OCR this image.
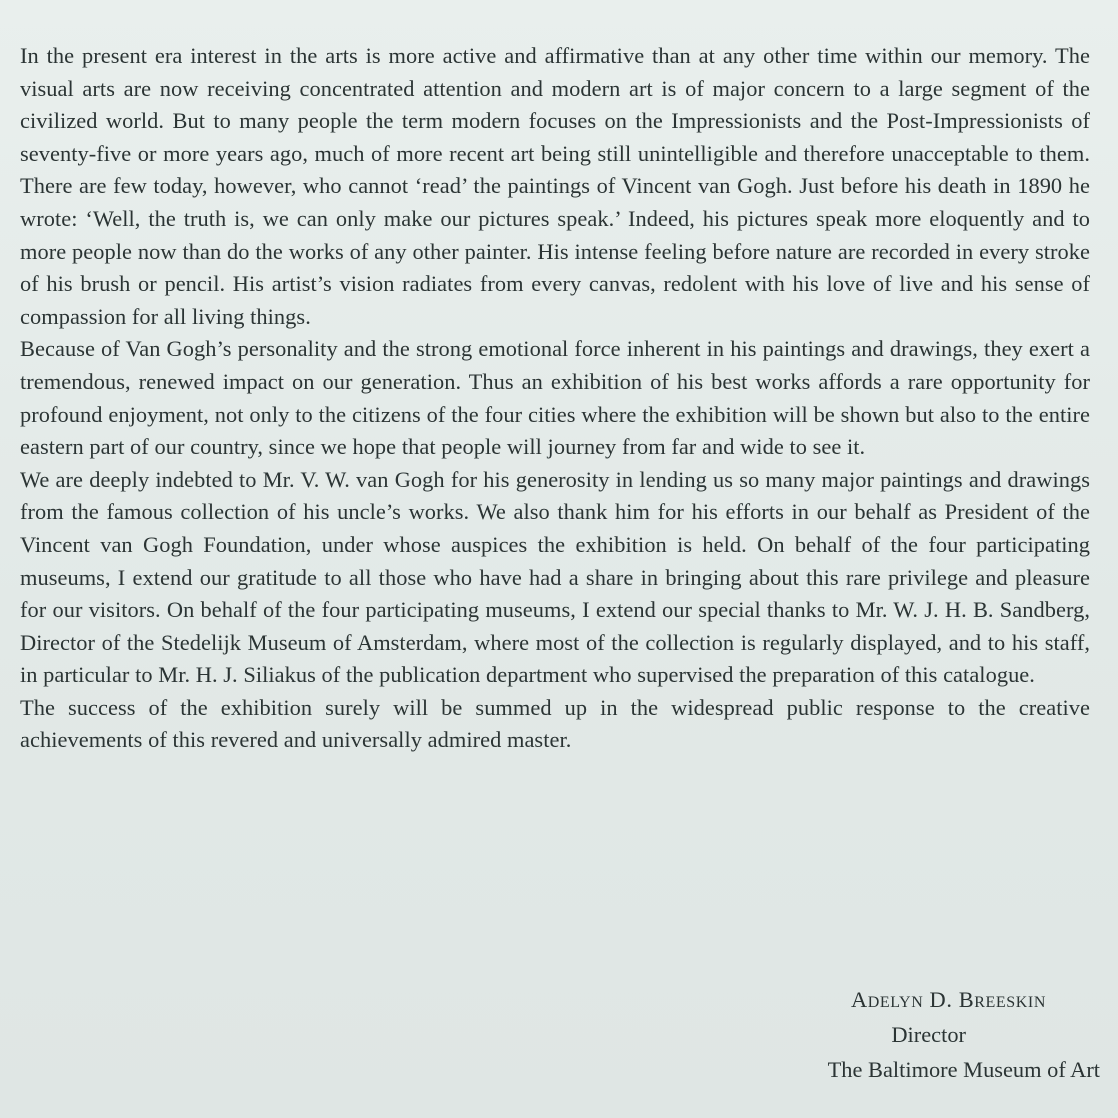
In the present era interest in the arts is more active and affirmative than at any other time within our memory. The visual arts are now receiving concentrated attention and modern art is of major concern to a large segment of the civilized world. But to many people the term modern focuses on the Impressionists and the Post-Impressionists of seventy-five or more years ago, much of more recent art being still unintelligible and therefore unacceptable to them. There are few today, however, who cannot ‘read’ the paintings of Vincent van Gogh. Just before his death in 1890 he wrote: ‘Well, the truth is, we can only make our pictures speak.’ Indeed, his pictures speak more eloquently and to more people now than do the works of any other painter. His intense feeling before nature are recorded in every stroke of his brush or pencil. His artist’s vision radiates from every canvas, redolent with his love of live and his sense of compassion for all living things.

Because of Van Gogh’s personality and the strong emotional force inherent in his paintings and drawings, they exert a tremendous, renewed impact on our generation. Thus an exhibition of his best works affords a rare opportunity for profound enjoyment, not only to the citizens of the four cities where the exhibition will be shown but also to the entire eastern part of our country, since we hope that people will journey from far and wide to see it.

We are deeply indebted to Mr. V. W. van Gogh for his generosity in lending us so many major paintings and drawings from the famous collection of his uncle’s works. We also thank him for his efforts in our behalf as President of the Vincent van Gogh Foundation, under whose auspices the exhibition is held. On behalf of the four participating museums, I extend our gratitude to all those who have had a share in bringing about this rare privilege and pleasure for our visitors. On behalf of the four participating museums, I extend our special thanks to Mr. W. J. H. B. Sandberg, Director of the Stedelijk Museum of Amsterdam, where most of the collection is regularly displayed, and to his staff, in particular to Mr. H. J. Siliakus of the publication department who supervised the preparation of this catalogue.

The success of the exhibition surely will be summed up in the widespread public response to the creative achievements of this revered and universally admired master.

Adelyn D. Breeskin
Director
The Baltimore Museum of Art
